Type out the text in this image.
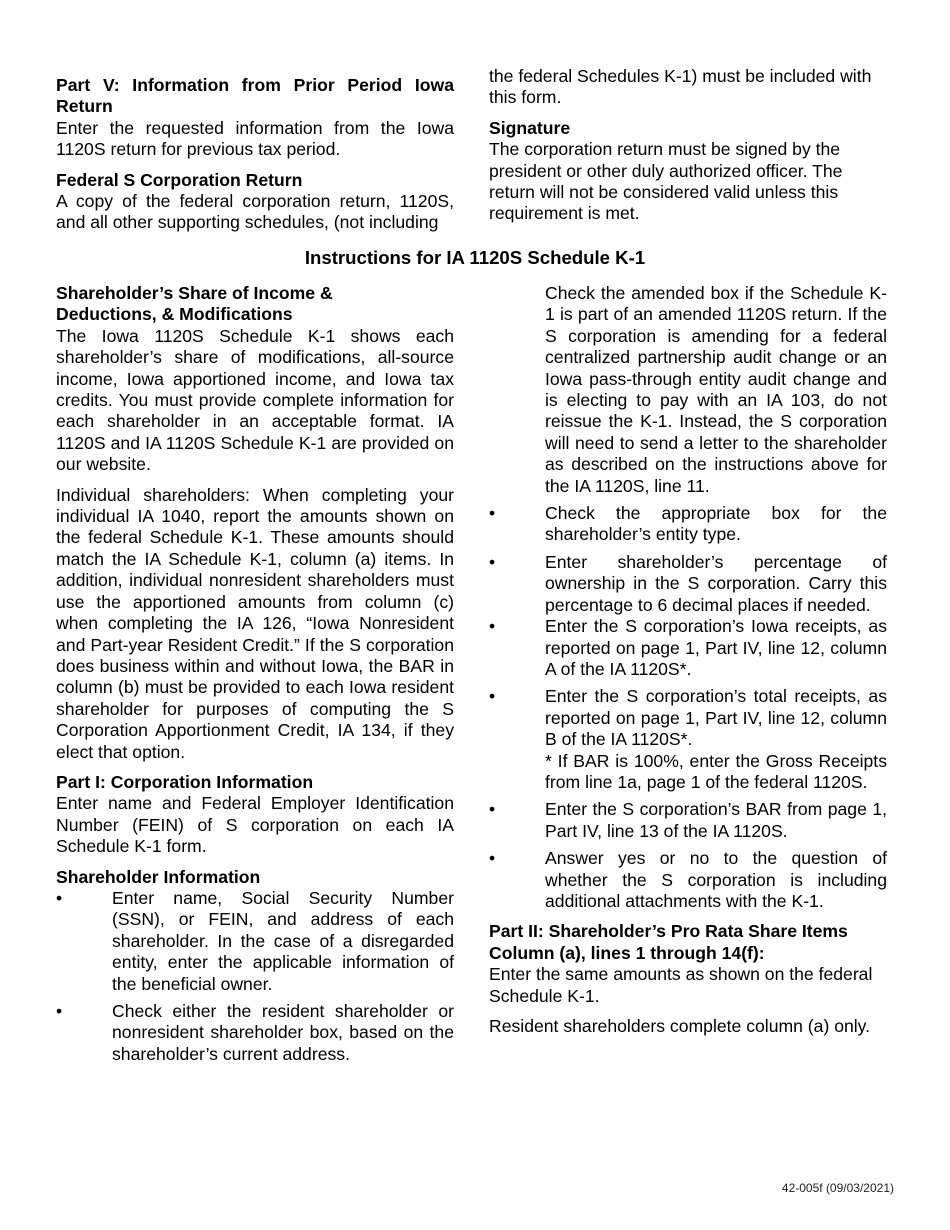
Part V: Information from Prior Period Iowa Return

Enter the requested information from the Iowa 1120S return for previous tax period.

Federal S Corporation Return

A copy of the federal corporation return, 1120S, and all other supporting schedules, (not including

the federal Schedules K-1) must be included with this form.

Signature

The corporation return must be signed by the president or other duly authorized officer. The return will not be considered valid unless this requirement is met.

Instructions for IA 1120S Schedule K-1

Shareholder’s Share of Income &

Deductions, & Modifications

The Iowa 1120S Schedule K-1 shows each shareholder’s share of modifications, all-source income, Iowa apportioned income, and Iowa tax credits. You must provide complete information for each shareholder in an acceptable format. IA 1120S and IA 1120S Schedule K-1 are provided on our website.

Individual shareholders: When completing your individual IA 1040, report the amounts shown on the federal Schedule K-1. These amounts should match the IA Schedule K-1, column (a) items. In addition, individual nonresident shareholders must use the apportioned amounts from column (c) when completing the IA 126, “Iowa Nonresident and Part-year Resident Credit.” If the S corporation does business within and without Iowa, the BAR in column (b) must be provided to each Iowa resident shareholder for purposes of computing the S Corporation Apportionment Credit, IA 134, if they elect that option.

Part I: Corporation Information

Enter name and Federal Employer Identification Number (FEIN) of S corporation on each IA Schedule K-1 form.

Shareholder Information

•	Enter name, Social Security Number (SSN), or FEIN, and address of each shareholder. In the case of a disregarded entity, enter the applicable information of the beneficial owner.
•	Check either the resident shareholder or nonresident shareholder box, based on the shareholder’s current address.

Check the amended box if the Schedule K-1 is part of an amended 1120S return. If the S corporation is amending for a federal centralized partnership audit change or an Iowa pass-through entity audit change and is electing to pay with an IA 103, do not reissue the K-1. Instead, the S corporation will need to send a letter to the shareholder as described on the instructions above for the IA 1120S, line 11.

•	Check the appropriate box for the shareholder’s entity type.
•	Enter shareholder’s percentage of ownership in the S corporation. Carry this percentage to 6 decimal places if needed.
•	Enter the S corporation’s Iowa receipts, as reported on page 1, Part IV, line 12, column A of the IA 1120S*.
•	Enter the S corporation’s total receipts, as reported on page 1, Part IV, line 12, column B of the IA 1120S*.
* If BAR is 100%, enter the Gross Receipts from line 1a, page 1 of the federal 1120S.
•	Enter the S corporation’s BAR from page 1, Part IV, line 13 of the IA 1120S.
•	Answer yes or no to the question of whether the S corporation is including additional attachments with the K-1.

Part II: Shareholder’s Pro Rata Share Items

Column (a), lines 1 through 14(f):

Enter the same amounts as shown on the federal Schedule K-1.

Resident shareholders complete column (a) only.

42-005f (09/03/2021)
